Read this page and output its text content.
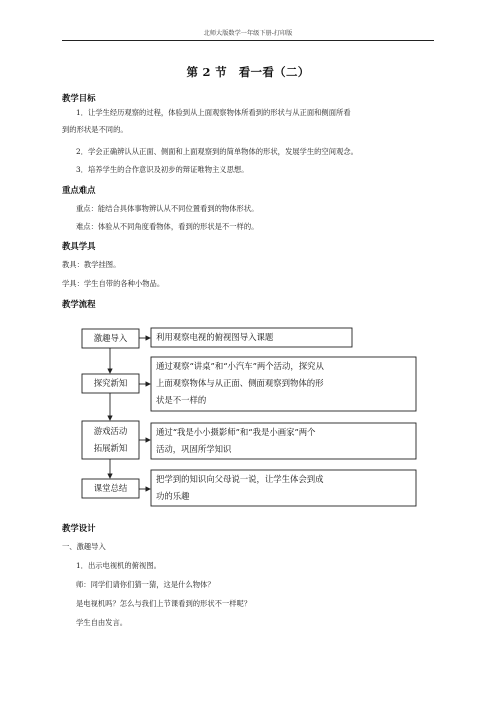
北师大版数学一年级下册-打印版
第 2 节　看一看（二）
教学目标
1．让学生经历观察的过程，体验到从上面观察物体所看到的形状与从正面和侧面所看
到的形状是不同的。
2．学会正确辨认从正面、侧面和上面观察到的简单物体的形状，发展学生的空间观念。
3．培养学生的合作意识及初步的辩证唯物主义思想。
重点难点
重点：能结合具体事物辨认从不同位置看到的物体形状。
难点：体验从不同角度看物体，看到的形状是不一样的。
教具学具
教具：教学挂图。
学具：学生自带的各种小物品。
教学流程
激趣导入
探究新知
游戏活动
拓展新知
课堂总结
利用观察电视的俯视图导入课题
通过观察“讲桌”和“小汽车”两个活动，探究从
上面观察物体与从正面、侧面观察到物体的形
状是不一样的
通过“我是小小摄影师”和“我是小画家”两个
活动，巩固所学知识
把学到的知识向父母说一说，让学生体会到成
功的乐趣
教学设计
一、激趣导入
1．出示电视机的俯视图。
师：同学们请你们猜一猜，这是什么物体？
是电视机吗？怎么与我们上节课看到的形状不一样呢？
学生自由发言。
